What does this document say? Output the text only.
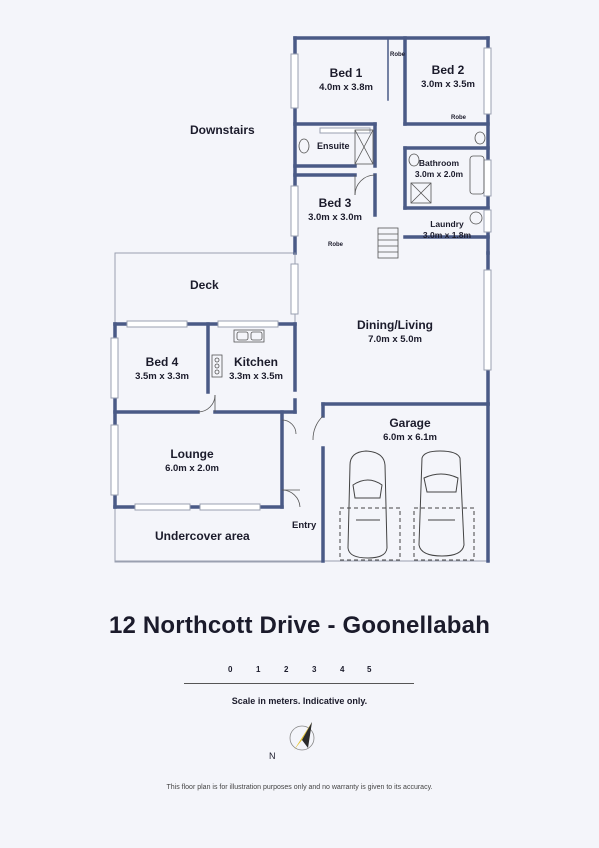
Downstairs
Deck
Undercover area
Entry
Ensuite
Robe
Robe
Robe
Bed 1
4.0m x 3.8m
Bed 2
3.0m x 3.5m
Bathroom
3.0m x 2.0m
Bed 3
3.0m x 3.0m
Laundry
3.0m x 1.8m
Dining/Living
7.0m x 5.0m
Bed 4
3.5m x 3.3m
Kitchen
3.3m x 3.5m
Garage
6.0m x 6.1m
Lounge
6.0m x 2.0m
12 Northcott Drive - Goonellabah
0	1	2	3	4	5
Scale in meters. Indicative only.
N
This floor plan is for illustration purposes only and no warranty is given to its accuracy.
